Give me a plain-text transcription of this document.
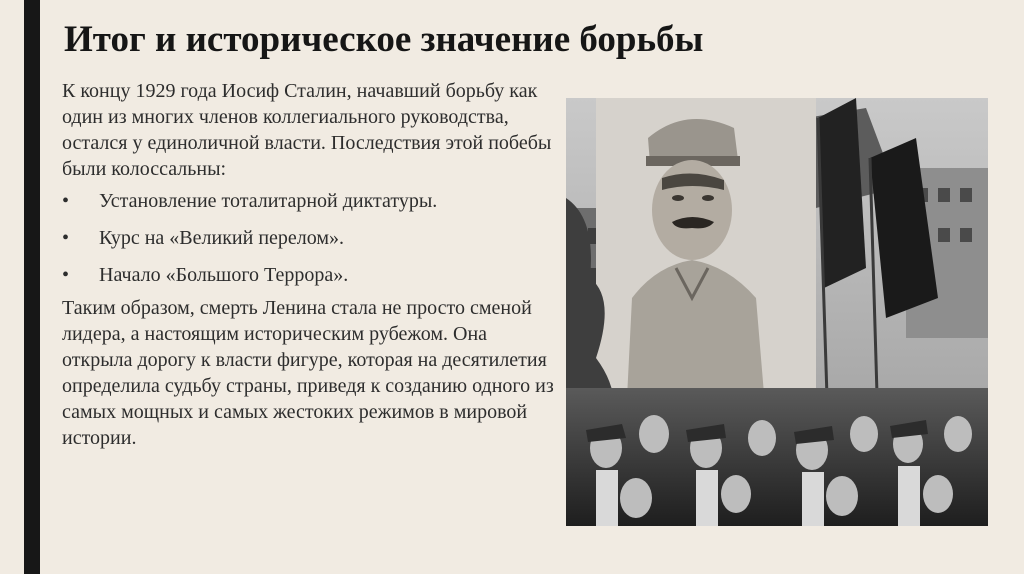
Итог и историческое значение борьбы

К концу 1929 года Иосиф Сталин, начавший борьбу как один из многих членов коллегиального руководства, остался у единоличной власти. Последствия этой побебы были колоссальны:

• Установление тоталитарной диктатуры.
• Курс на «Великий перелом».
• Начало «Большого Террора».

Таким образом, смерть Ленина стала не просто сменой лидера, а настоящим историческим рубежом. Она открыла дорогу к власти фигуре, которая на десятилетия определила судьбу страны, приведя к созданию одного из самых мощных и самых жестоких режимов в мировой истории.
